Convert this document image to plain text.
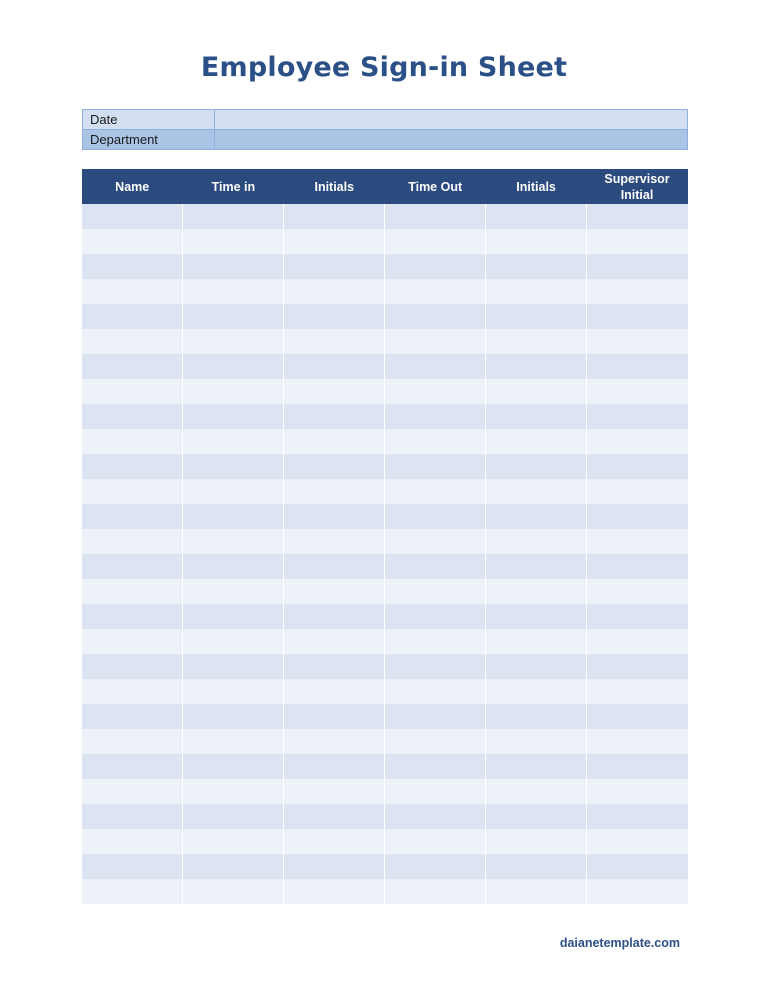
Employee Sign-in Sheet
Date	
Department	
Name	Time in	Initials	Time Out	Initials	Supervisor Initial

daianetemplate.com
